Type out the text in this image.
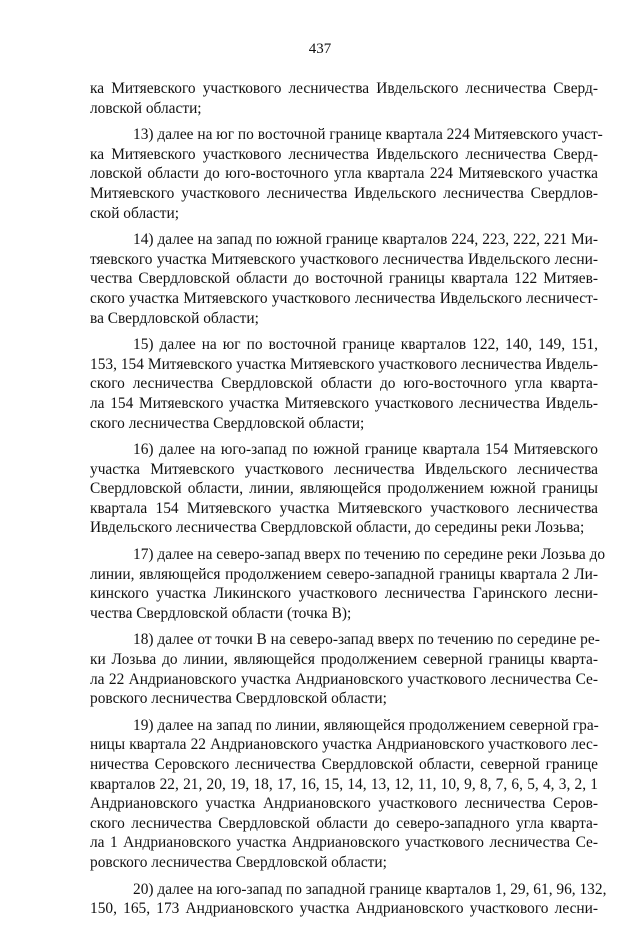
437
ка Митяевского участкового лесничества Ивдельского лесничества Сверд-
ловской области;
13) далее на юг по восточной границе квартала 224 Митяевского участ-
ка Митяевского участкового лесничества Ивдельского лесничества Сверд-
ловской области до юго-восточного угла квартала 224 Митяевского участка
Митяевского участкового лесничества Ивдельского лесничества Свердлов-
ской области;
14) далее на запад по южной границе кварталов 224, 223, 222, 221 Ми-
тяевского участка Митяевского участкового лесничества Ивдельского лесни-
чества Свердловской области до восточной границы квартала 122 Митяев-
ского участка Митяевского участкового лесничества Ивдельского лесничест-
ва Свердловской области;
15) далее на юг по восточной границе кварталов 122, 140, 149, 151,
153, 154 Митяевского участка Митяевского участкового лесничества Ивдель-
ского лесничества Свердловской области до юго-восточного угла кварта-
ла 154 Митяевского участка Митяевского участкового лесничества Ивдель-
ского лесничества Свердловской области;
16) далее на юго-запад по южной границе квартала 154 Митяевского
участка Митяевского участкового лесничества Ивдельского лесничества
Свердловской области, линии, являющейся продолжением южной границы
квартала 154 Митяевского участка Митяевского участкового лесничества
Ивдельского лесничества Свердловской области, до середины реки Лозьва;
17) далее на северо-запад вверх по течению по середине реки Лозьва до
линии, являющейся продолжением северо-западной границы квартала 2 Ли-
кинского участка Ликинского участкового лесничества Гаринского лесни-
чества Свердловской области (точка В);
18) далее от точки В на северо-запад вверх по течению по середине ре-
ки Лозьва до линии, являющейся продолжением северной границы кварта-
ла 22 Андриановского участка Андриановского участкового лесничества Се-
ровского лесничества Свердловской области;
19) далее на запад по линии, являющейся продолжением северной гра-
ницы квартала 22 Андриановского участка Андриановского участкового лес-
ничества Серовского лесничества Свердловской области, северной границе
кварталов 22, 21, 20, 19, 18, 17, 16, 15, 14, 13, 12, 11, 10, 9, 8, 7, 6, 5, 4, 3, 2, 1
Андриановского участка Андриановского участкового лесничества Серов-
ского лесничества Свердловской области до северо-западного угла кварта-
ла 1 Андриановского участка Андриановского участкового лесничества Се-
ровского лесничества Свердловской области;
20) далее на юго-запад по западной границе кварталов 1, 29, 61, 96, 132,
150, 165, 173 Андриановского участка Андриановского участкового лесни-
